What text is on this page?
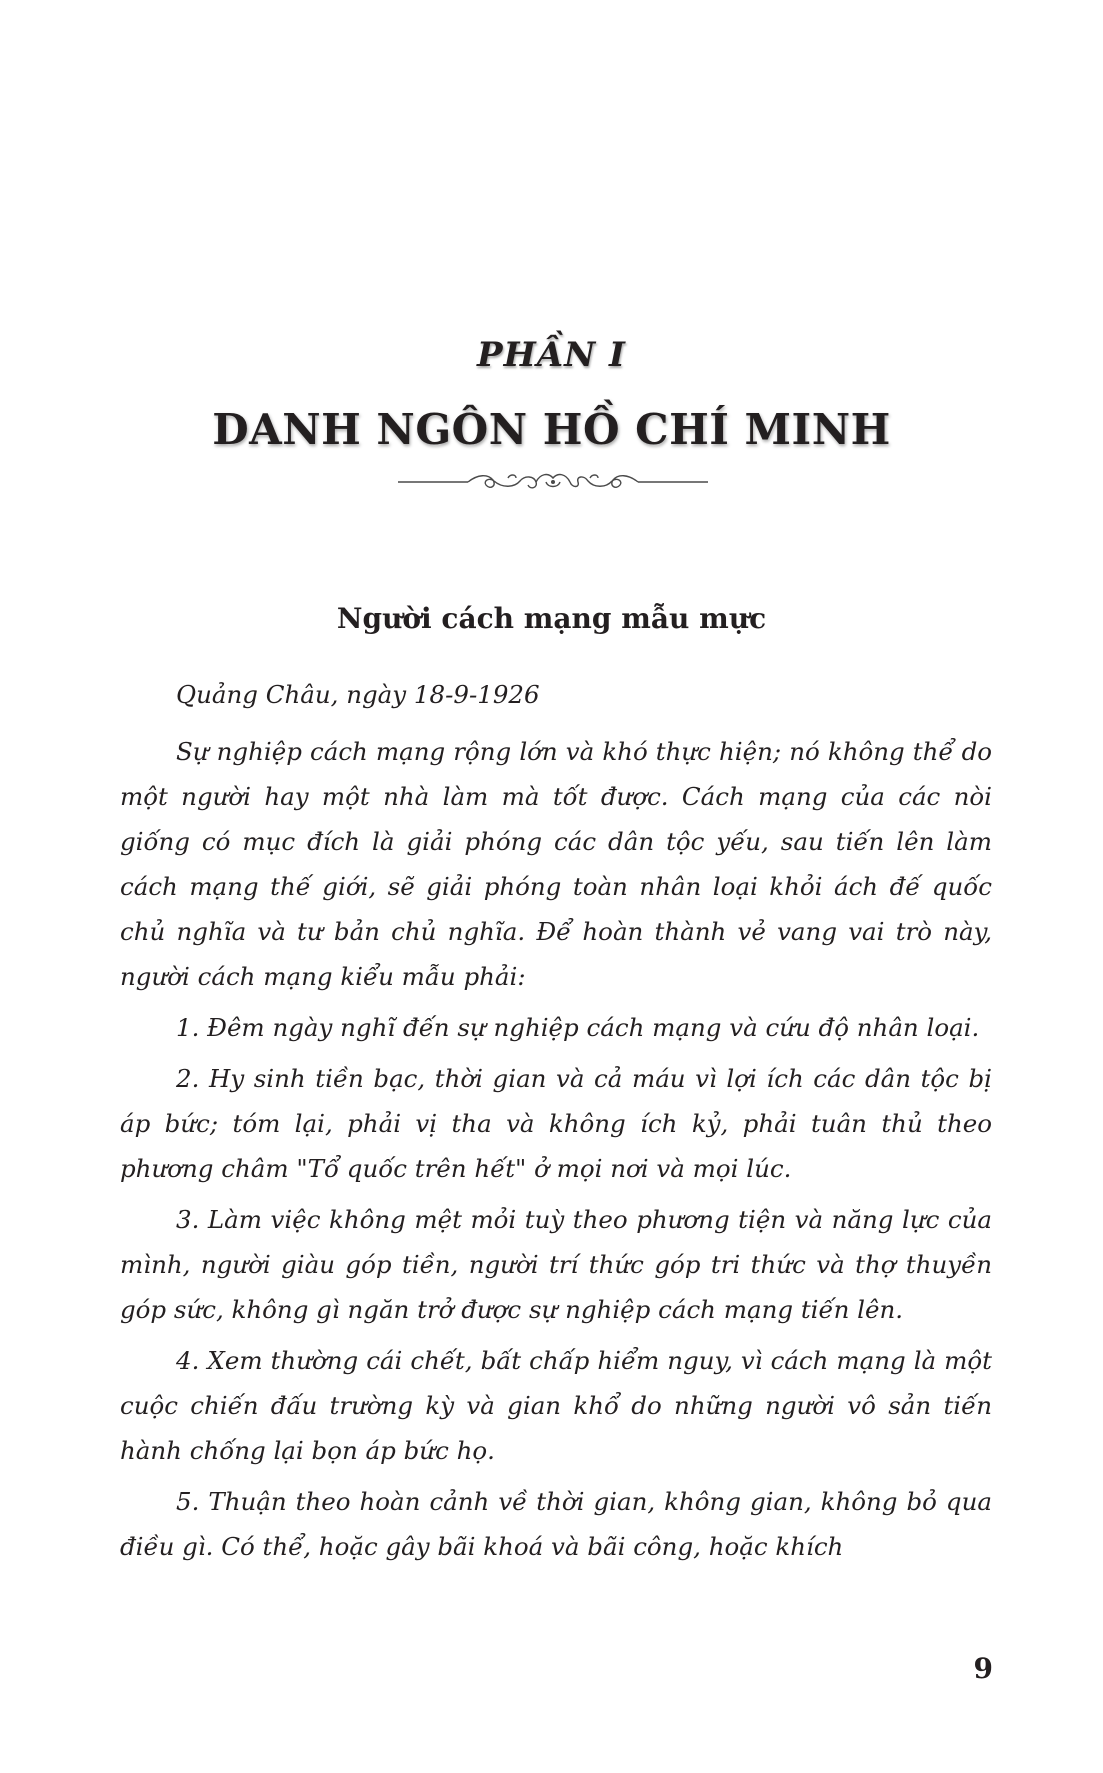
PHẦN I
DANH NGÔN HỒ CHÍ MINH
Người cách mạng mẫu mực

Quảng Châu, ngày 18-9-1926

Sự nghiệp cách mạng rộng lớn và khó thực hiện; nó không thể do một người hay một nhà làm mà tốt được. Cách mạng của các nòi giống có mục đích là giải phóng các dân tộc yếu, sau tiến lên làm cách mạng thế giới, sẽ giải phóng toàn nhân loại khỏi ách đế quốc chủ nghĩa và tư bản chủ nghĩa. Để hoàn thành vẻ vang vai trò này, người cách mạng kiểu mẫu phải:

1. Đêm ngày nghĩ đến sự nghiệp cách mạng và cứu độ nhân loại.

2. Hy sinh tiền bạc, thời gian và cả máu vì lợi ích các dân tộc bị áp bức; tóm lại, phải vị tha và không ích kỷ, phải tuân thủ theo phương châm "Tổ quốc trên hết" ở mọi nơi và mọi lúc.

3. Làm việc không mệt mỏi tuỳ theo phương tiện và năng lực của mình, người giàu góp tiền, người trí thức góp tri thức và thợ thuyền góp sức, không gì ngăn trở được sự nghiệp cách mạng tiến lên.

4. Xem thường cái chết, bất chấp hiểm nguy, vì cách mạng là một cuộc chiến đấu trường kỳ và gian khổ do những người vô sản tiến hành chống lại bọn áp bức họ.

5. Thuận theo hoàn cảnh về thời gian, không gian, không bỏ qua điều gì. Có thể, hoặc gây bãi khoá và bãi công, hoặc khích

9
